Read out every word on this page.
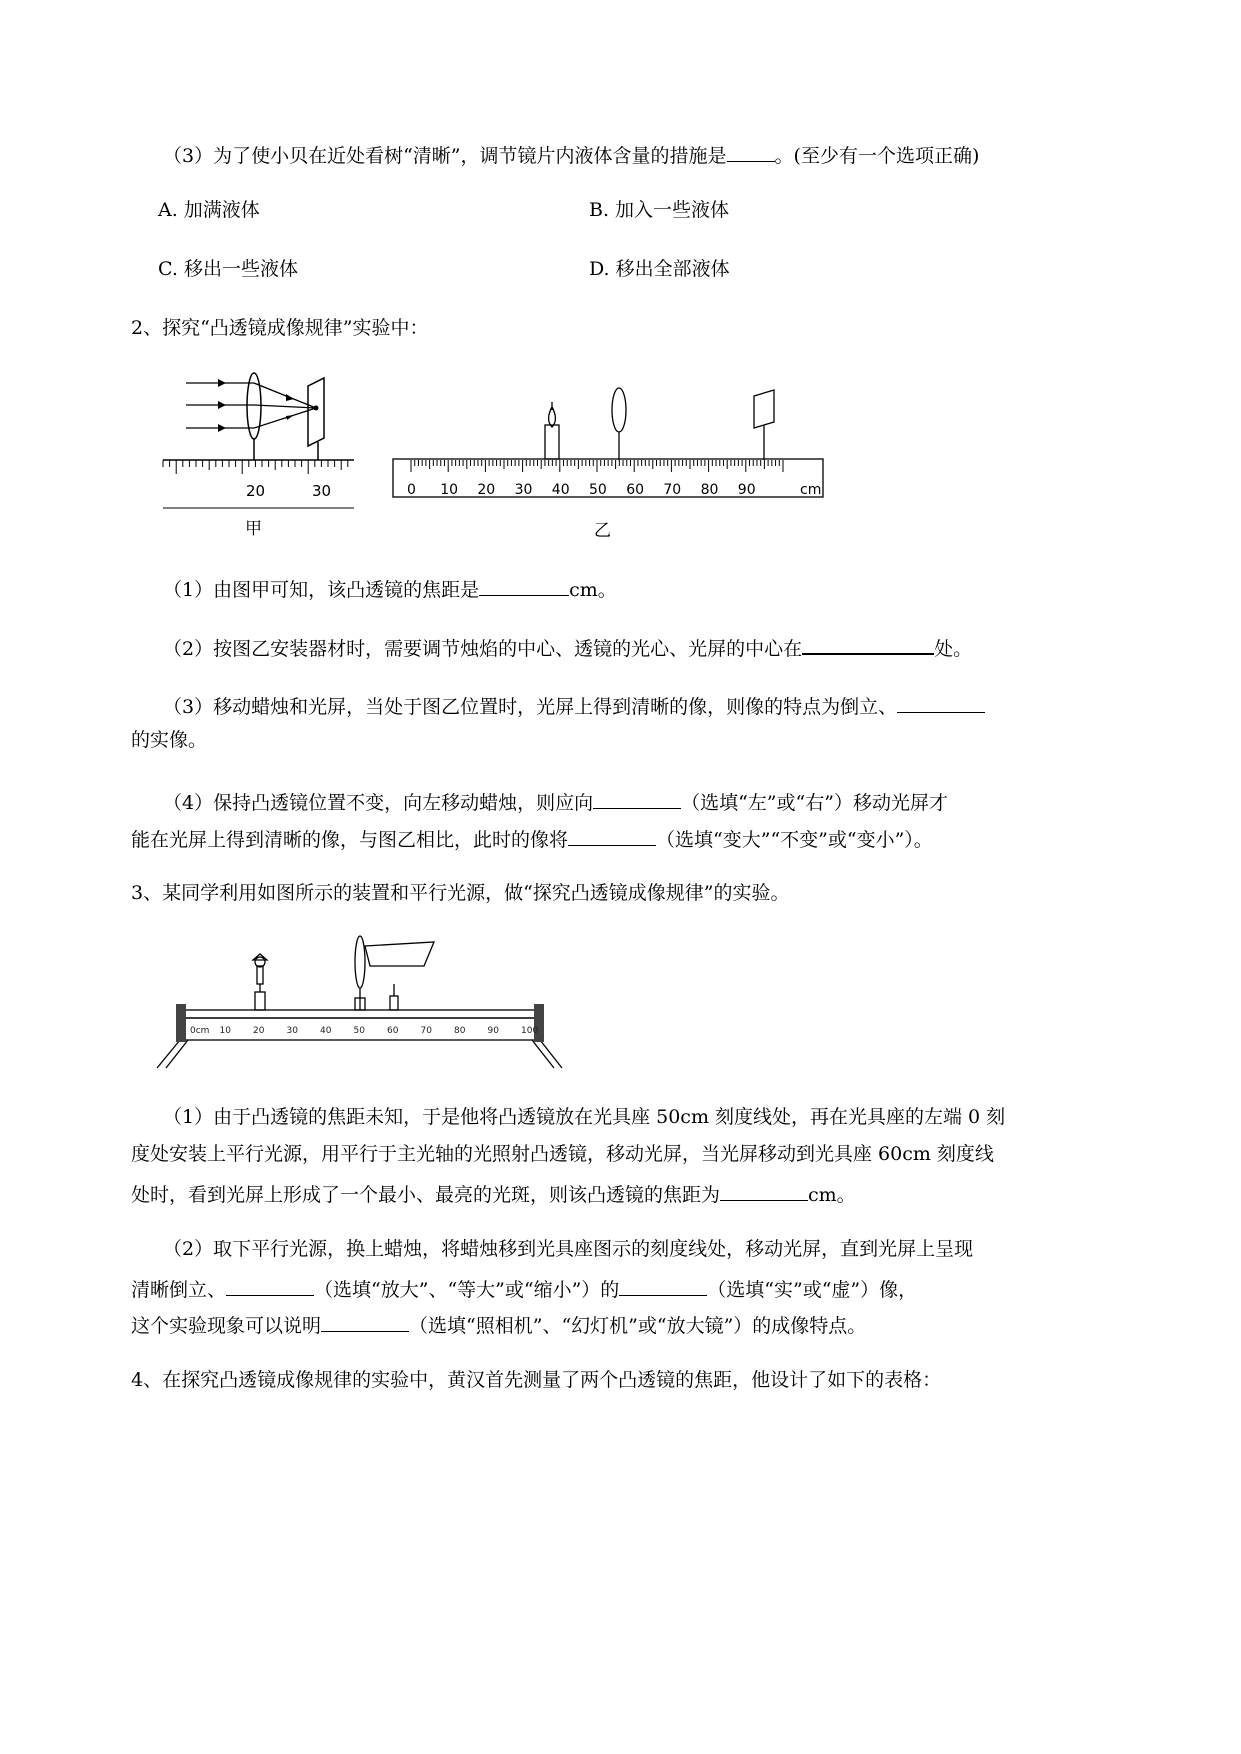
（3）为了使小贝在近处看树“清晰”，调节镜片内液体含量的措施是	。(至少有一个选项正确)
A. 加满液体	B. 加入一些液体
C. 移出一些液体	D. 移出全部液体
2、探究“凸透镜成像规律”实验中：
20	30
甲
0 10 20 30 40 50 60 70 80 90	cm
乙
（1）由图甲可知，该凸透镜的焦距是	cm。
（2）按图乙安装器材时，需要调节烛焰的中心、透镜的光心、光屏的中心在	处。
（3）移动蜡烛和光屏，当处于图乙位置时，光屏上得到清晰的像，则像的特点为倒立、
的实像。
（4）保持凸透镜位置不变，向左移动蜡烛，则应向	（选填“左”或“右”）移动光屏才
能在光屏上得到清晰的像，与图乙相比，此时的像将	（选填“变大”“不变”或“变小”）。
3、某同学利用如图所示的装置和平行光源，做“探究凸透镜成像规律”的实验。
0cm 10 20 30 40 50 60 70 80 90 100
（1）由于凸透镜的焦距未知，于是他将凸透镜放在光具座 50cm 刻度线处，再在光具座的左端 0 刻
度处安装上平行光源，用平行于主光轴的光照射凸透镜，移动光屏，当光屏移动到光具座 60cm 刻度线
处时，看到光屏上形成了一个最小、最亮的光斑，则该凸透镜的焦距为	cm。
（2）取下平行光源，换上蜡烛，将蜡烛移到光具座图示的刻度线处，移动光屏，直到光屏上呈现
清晰倒立、	（选填“放大”、“等大”或“缩小”）的	（选填“实”或“虚”）像，
这个实验现象可以说明	（选填“照相机”、“幻灯机”或“放大镜”）的成像特点。
4、在探究凸透镜成像规律的实验中，黄汉首先测量了两个凸透镜的焦距，他设计了如下的表格：
